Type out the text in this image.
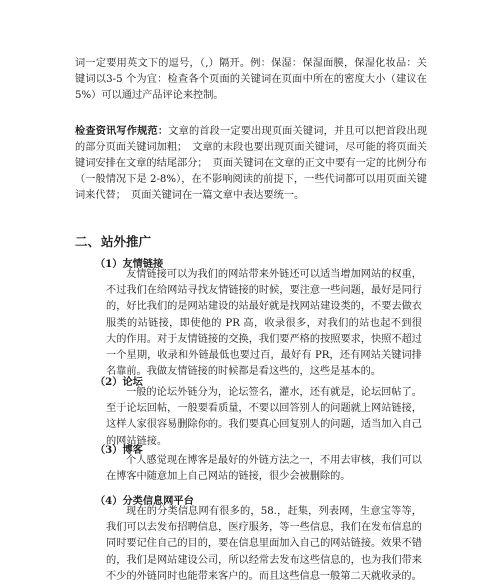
词一定要用英文下的逗号，（,）隔开。例：保湿：保湿面膜，保湿化妆品：关键词以3-5 个为宜：检查各个页面的关键词在页面中所在的密度大小（建议在 5%）可以通过产品评论来控制。

检查资讯写作规范：文章的首段一定要出现页面关键词，并且可以把首段出现的部分页面关键词加粗；　文章的末段也要出现页面关键词，尽可能的将页面关键词安排在文章的结尾部分；　页面关键词在文章的正文中要有一定的比例分布（一般情况下是 2-8%），在不影响阅读的前提下，一些代词都可以用页面关键词来代替；　页面关键词在一篇文章中表达要统一。

二、站外推广
（1）友情链接

友情链接可以为我们的网站带来外链还可以适当增加网站的权重，不过我们在给网站寻找友情链接的时候，要注意一些问题，最好是同行的，好比我们的是网站建设的站最好就是找网站建设类的，不要去做衣服类的站链接，即使他的 PR 高，收录很多，对我们的站也起不到很大的作用。对于友情链接的交换，我们要严格的按照要求，快照不超过一个星期，收录和外链最低也要过百，最好有 PR，还有网站关键词排名靠前。我做友情链接的时候都是看这些的，这些是基本的。

（2）论坛

一般的论坛外链分为，论坛签名，灌水，还有就是，论坛回帖了。至于论坛回帖，一般要看质量，不要以回答别人的问题就上网站链接，这样人家很容易删除你的。我们要真心回复别人的问题，适当加入自己的网站链接。

（3）博客

个人感觉现在博客是最好的外链方法之一，不用去审核，我们可以在博客中随意加上自己网站的链接，很少会被删除的。

（4）分类信息网平台

现在的分类信息网有很多的，58.，赶集，列表网，生意宝等等，我们可以去发布招聘信息，医疗服务，等一些信息，我们在发布信息的同时要记住自己的目的，要在信息里面加入自己的网站链接。效果不错的，我们是网站建设公司，所以经常去发布这些信息的，也为我们带来不少的外链同时也能带来客户的。而且这些信息一般第二天就收录的。
